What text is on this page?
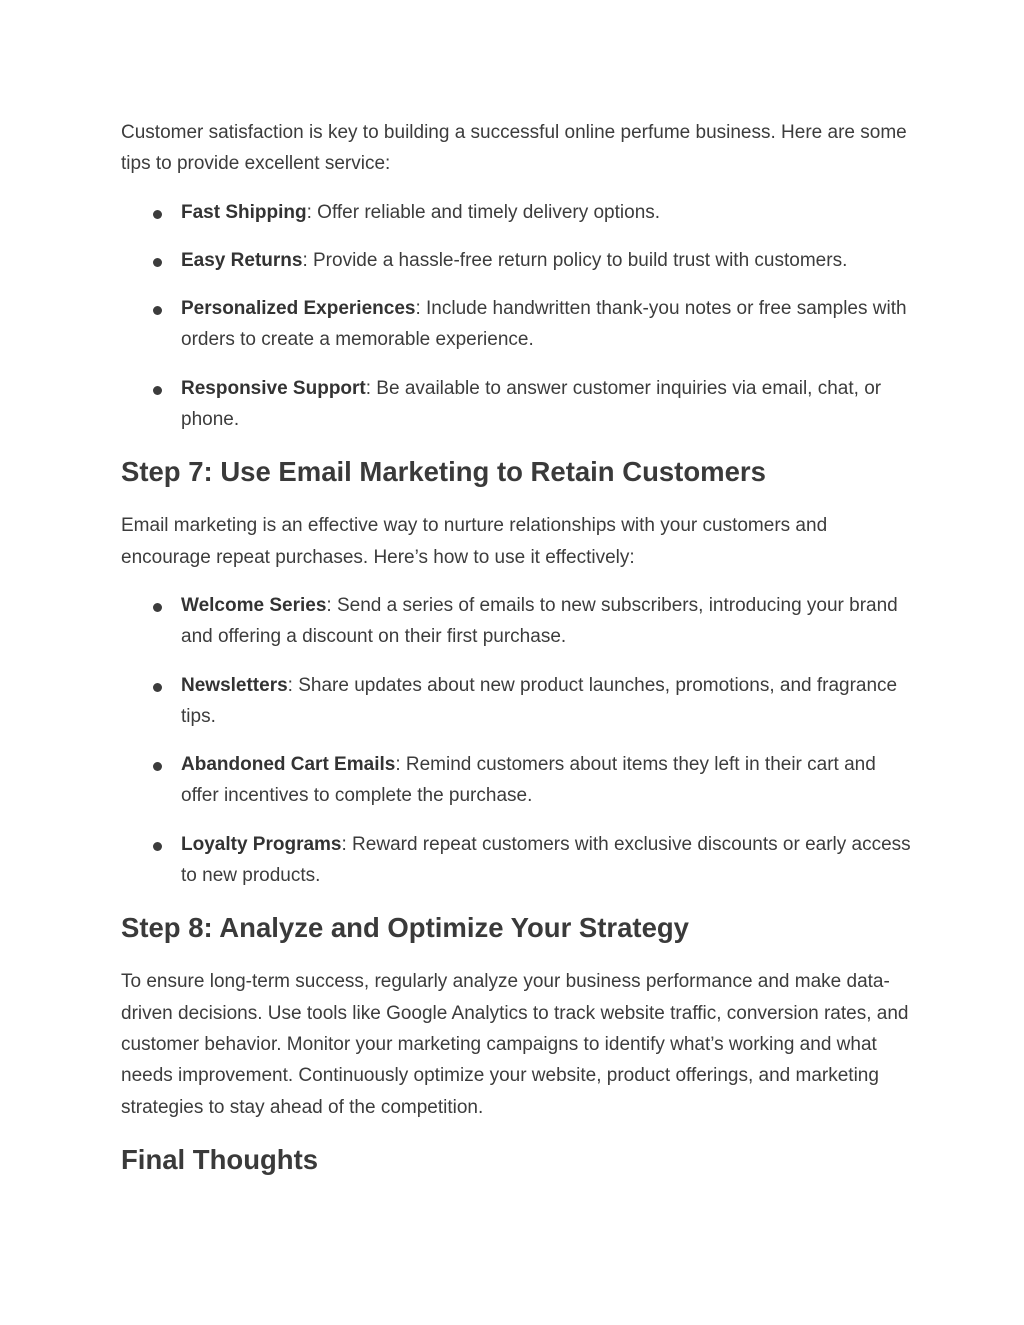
Customer satisfaction is key to building a successful online perfume business. Here are some tips to provide excellent service:

Fast Shipping: Offer reliable and timely delivery options.
Easy Returns: Provide a hassle-free return policy to build trust with customers.
Personalized Experiences: Include handwritten thank-you notes or free samples with orders to create a memorable experience.
Responsive Support: Be available to answer customer inquiries via email, chat, or phone.
Step 7: Use Email Marketing to Retain Customers

Email marketing is an effective way to nurture relationships with your customers and encourage repeat purchases. Here’s how to use it effectively:

Welcome Series: Send a series of emails to new subscribers, introducing your brand and offering a discount on their first purchase.
Newsletters: Share updates about new product launches, promotions, and fragrance tips.
Abandoned Cart Emails: Remind customers about items they left in their cart and offer incentives to complete the purchase.
Loyalty Programs: Reward repeat customers with exclusive discounts or early access to new products.
Step 8: Analyze and Optimize Your Strategy

To ensure long-term success, regularly analyze your business performance and make data-driven decisions. Use tools like Google Analytics to track website traffic, conversion rates, and customer behavior. Monitor your marketing campaigns to identify what’s working and what needs improvement. Continuously optimize your website, product offerings, and marketing strategies to stay ahead of the competition.

Final Thoughts
